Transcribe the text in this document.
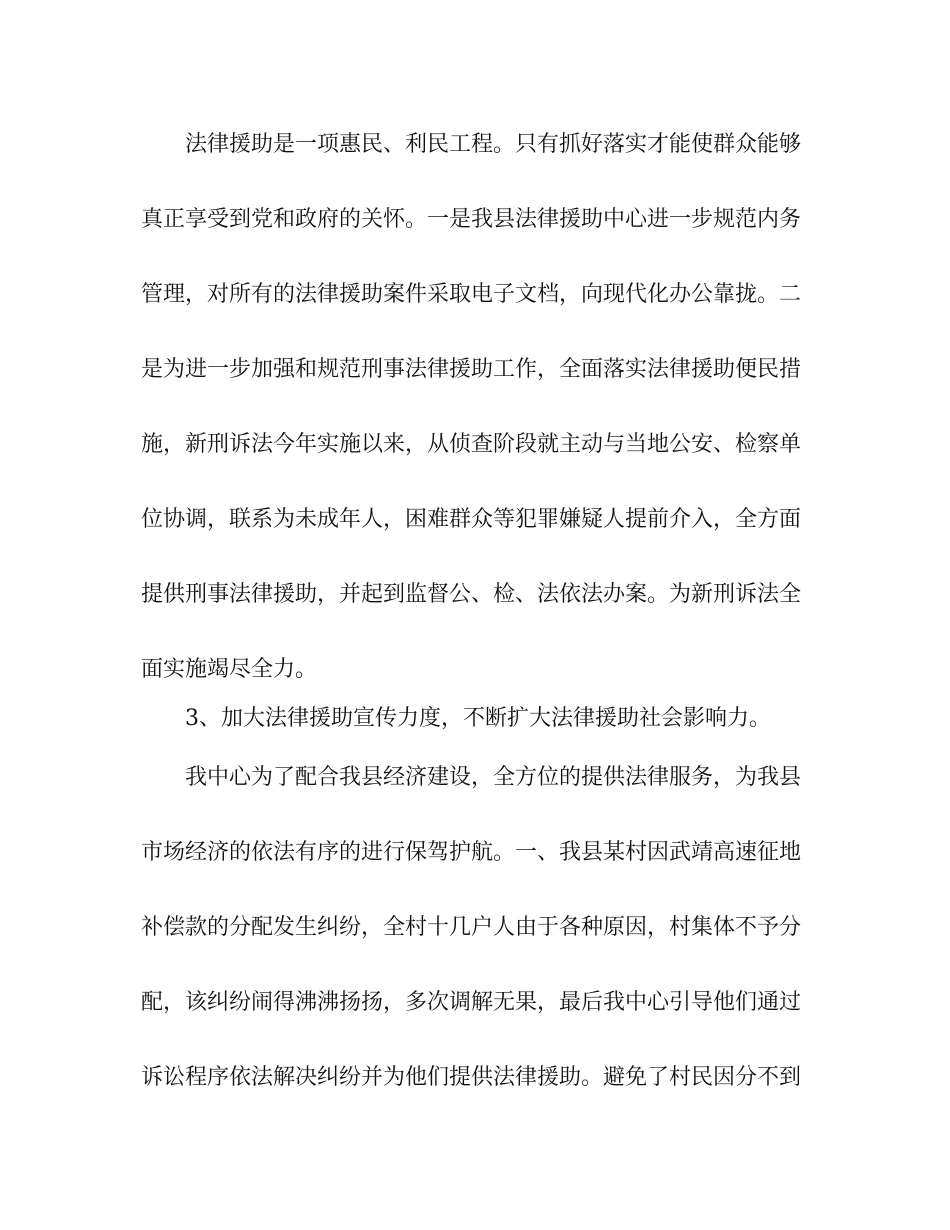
法律援助是一项惠民、利民工程。只有抓好落实才能使群众能够
真正享受到党和政府的关怀。一是我县法律援助中心进一步规范内务
管理，对所有的法律援助案件采取电子文档，向现代化办公靠拢。二
是为进一步加强和规范刑事法律援助工作，全面落实法律援助便民措
施，新刑诉法今年实施以来，从侦查阶段就主动与当地公安、检察单
位协调，联系为未成年人，困难群众等犯罪嫌疑人提前介入，全方面
提供刑事法律援助，并起到监督公、检、法依法办案。为新刑诉法全
面实施竭尽全力。
3、加大法律援助宣传力度，不断扩大法律援助社会影响力。
我中心为了配合我县经济建设，全方位的提供法律服务，为我县
市场经济的依法有序的进行保驾护航。一、我县某村因武靖高速征地
补偿款的分配发生纠纷，全村十几户人由于各种原因，村集体不予分
配，该纠纷闹得沸沸扬扬，多次调解无果，最后我中心引导他们通过
诉讼程序依法解决纠纷并为他们提供法律援助。避免了村民因分不到
